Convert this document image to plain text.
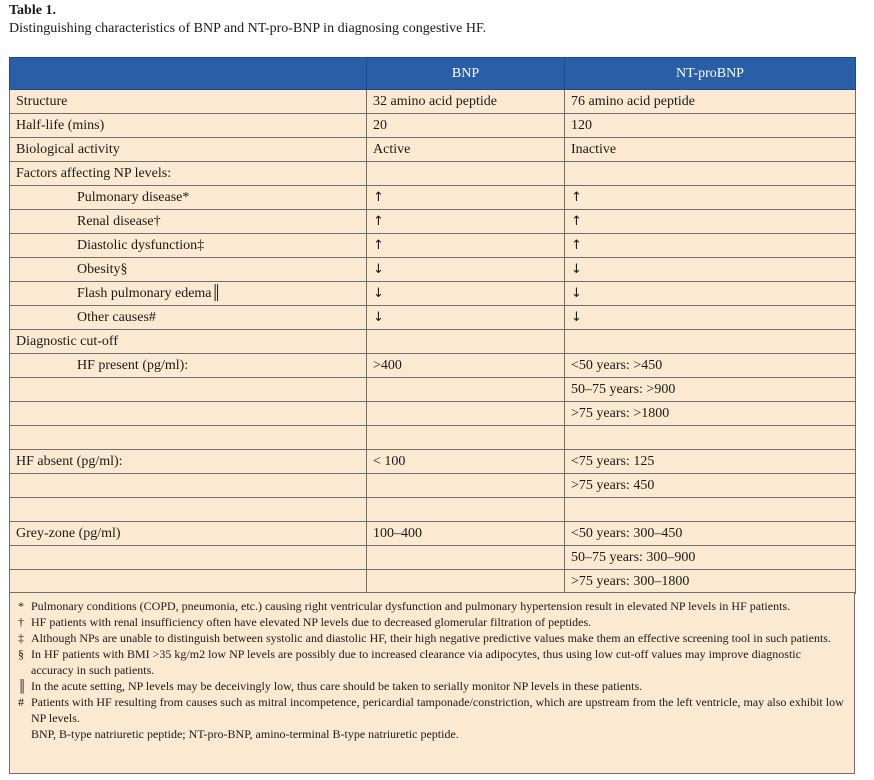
Table 1.
Distinguishing characteristics of BNP and NT-pro-BNP in diagnosing congestive HF.
	BNP	NT-proBNP
Structure	32 amino acid peptide	76 amino acid peptide
Half-life (mins)	20	120
Biological activity	Active	Inactive
Factors affecting NP levels:		
Pulmonary disease*	↑	↑
Renal disease†	↑	↑
Diastolic dysfunction‡	↑	↑
Obesity§	↓	↓
Flash pulmonary edema║	↓	↓
Other causes#	↓	↓
Diagnostic cut-off		
HF present (pg/ml):	>400	<50 years: >450
		50–75 years: >900
		>75 years: >1800

HF absent (pg/ml):	< 100	<75 years: 125
		>75 years: 450

Grey-zone (pg/ml)	100–400	<50 years: 300–450
		50–75 years: 300–900
		>75 years: 300–1800
* Pulmonary conditions (COPD, pneumonia, etc.) causing right ventricular dysfunction and pulmonary hypertension result in elevated NP levels in HF patients.
† HF patients with renal insufficiency often have elevated NP levels due to decreased glomerular filtration of peptides.
‡ Although NPs are unable to distinguish between systolic and diastolic HF, their high negative predictive values make them an effective screening tool in such patients.
§ In HF patients with BMI >35 kg/m2 low NP levels are possibly due to increased clearance via adipocytes, thus using low cut-off values may improve diagnostic accuracy in such patients.
║ In the acute setting, NP levels may be deceivingly low, thus care should be taken to serially monitor NP levels in these patients.
# Patients with HF resulting from causes such as mitral incompetence, pericardial tamponade/constriction, which are upstream from the left ventricle, may also exhibit low NP levels.
BNP, B-type natriuretic peptide; NT-pro-BNP, amino-terminal B-type natriuretic peptide.
